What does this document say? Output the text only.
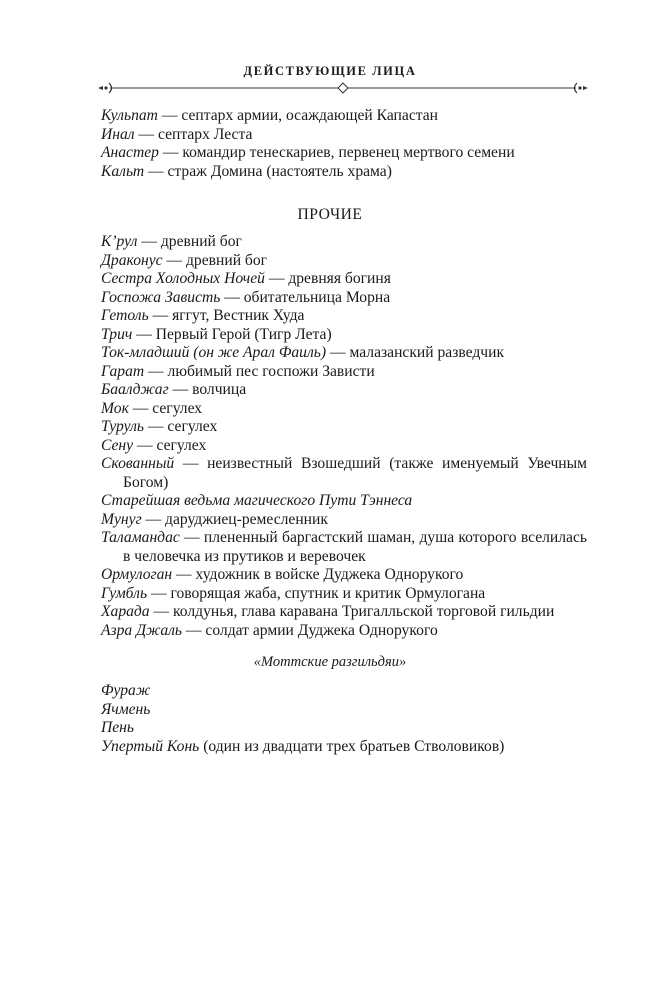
ДЕЙСТВУЮЩИЕ ЛИЦА
Кульпат — септарх армии, осаждающей Капастан
Инал — септарх Леста
Анастер — командир тенескариев, первенец мертвого семени
Кальт — страж Домина (настоятель храма)
ПРОЧИЕ
К’рул — древний бог
Драконус — древний бог
Сестра Холодных Ночей — древняя богиня
Госпожа Зависть — обитательница Морна
Гетоль — яггут, Вестник Худа
Трич — Первый Герой (Тигр Лета)
Ток-младший (он же Арал Фаиль) — малазанский разведчик
Гарат — любимый пес госпожи Зависти
Баалджаг — волчица
Мок — сегулех
Туруль — сегулех
Сену — сегулех
Скованный — неизвестный Взошедший (также именуемый Увечным Богом)
Старейшая ведьма магического Пути Тэннеса
Мунуг — даруджиец-ремесленник
Таламандас — плененный баргастский шаман, душа которого вселилась в человечка из прутиков и веревочек
Ормулоган — художник в войске Дуджека Однорукого
Гумбль — говорящая жаба, спутник и критик Ормулогана
Харада — колдунья, глава каравана Тригалльской торговой гильдии
Азра Джаль — солдат армии Дуджека Однорукого
«Моттские разгильдяи»
Фураж
Ячмень
Пень
Упертый Конь (один из двадцати трех братьев Стволовиков)
